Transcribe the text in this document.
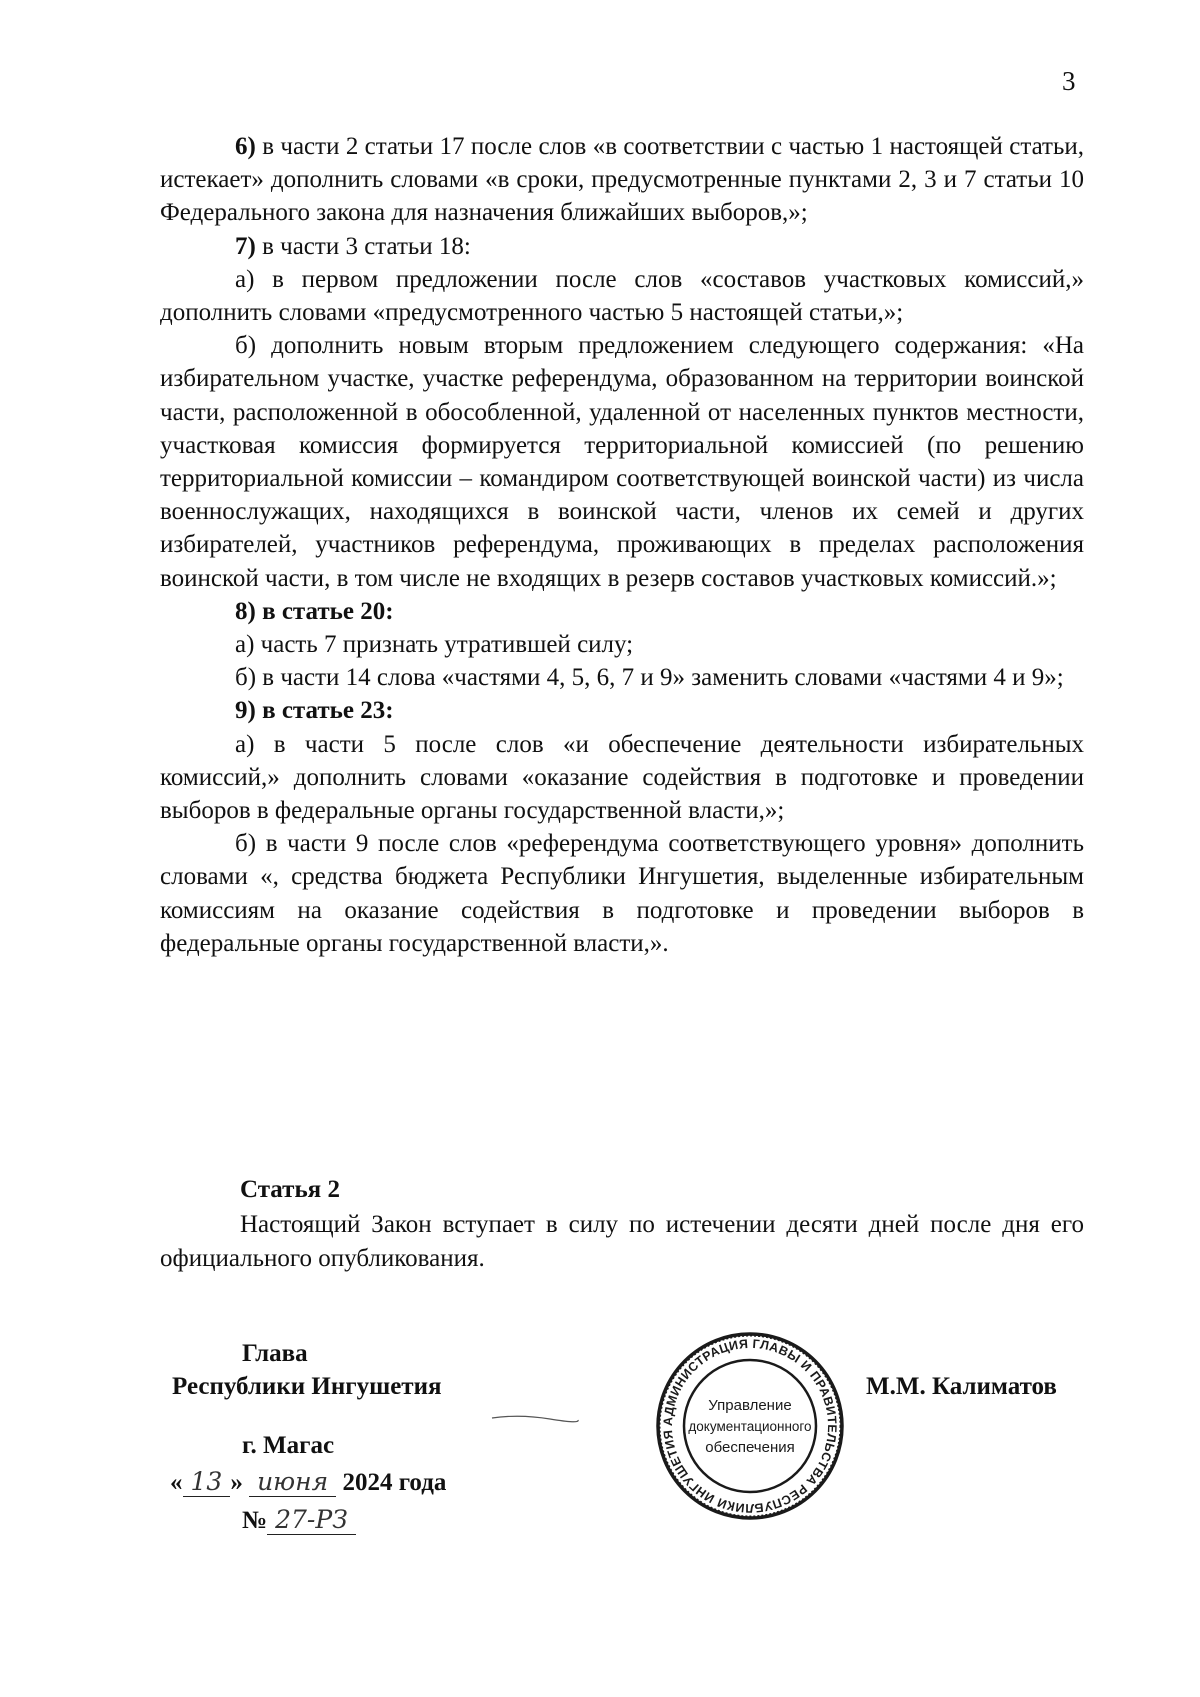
3

6) в части 2 статьи 17 после слов «в соответствии с частью 1 настоящей статьи, истекает» дополнить словами «в сроки, предусмотренные пунктами 2, 3 и 7 статьи 10 Федерального закона для назначения ближайших выборов,»;

7) в части 3 статьи 18:

а) в первом предложении после слов «составов участковых комиссий,» дополнить словами «предусмотренного частью 5 настоящей статьи,»;

б) дополнить новым вторым предложением следующего содержания: «На избирательном участке, участке референдума, образованном на территории воинской части, расположенной в обособленной, удаленной от населенных пунктов местности, участковая комиссия формируется территориальной комиссией (по решению территориальной комиссии – командиром соответствующей воинской части) из числа военнослужащих, находящихся в воинской части, членов их семей и других избирателей, участников референдума, проживающих в пределах расположения воинской части, в том числе не входящих в резерв составов участковых комиссий.»;

8) в статье 20:

а) часть 7 признать утратившей силу;

б) в части 14 слова «частями 4, 5, 6, 7 и 9» заменить словами «частями 4 и 9»;

9) в статье 23:

а) в части 5 после слов «и обеспечение деятельности избирательных комиссий,» дополнить словами «оказание содействия в подготовке и проведении выборов в федеральные органы государственной власти,»;

б) в части 9 после слов «референдума соответствующего уровня» дополнить словами «, средства бюджета Республики Ингушетия, выделенные избирательным комиссиям на оказание содействия в подготовке и проведении выборов в федеральные органы государственной власти,».

Статья 2

Настоящий Закон вступает в силу по истечении десяти дней после дня его официального опубликования.

Глава
Республики Ингушетия
г. Магас
« 13 » июня 2024 года
№ 27-РЗ
М.М. Калиматов
АДМИНИСТРАЦИЯ ГЛАВЫ И ПРАВИТЕЛЬСТВА РЕСПУБЛИКИ ИНГУШЕТИЯ
Управление
документационного
обеспечения
